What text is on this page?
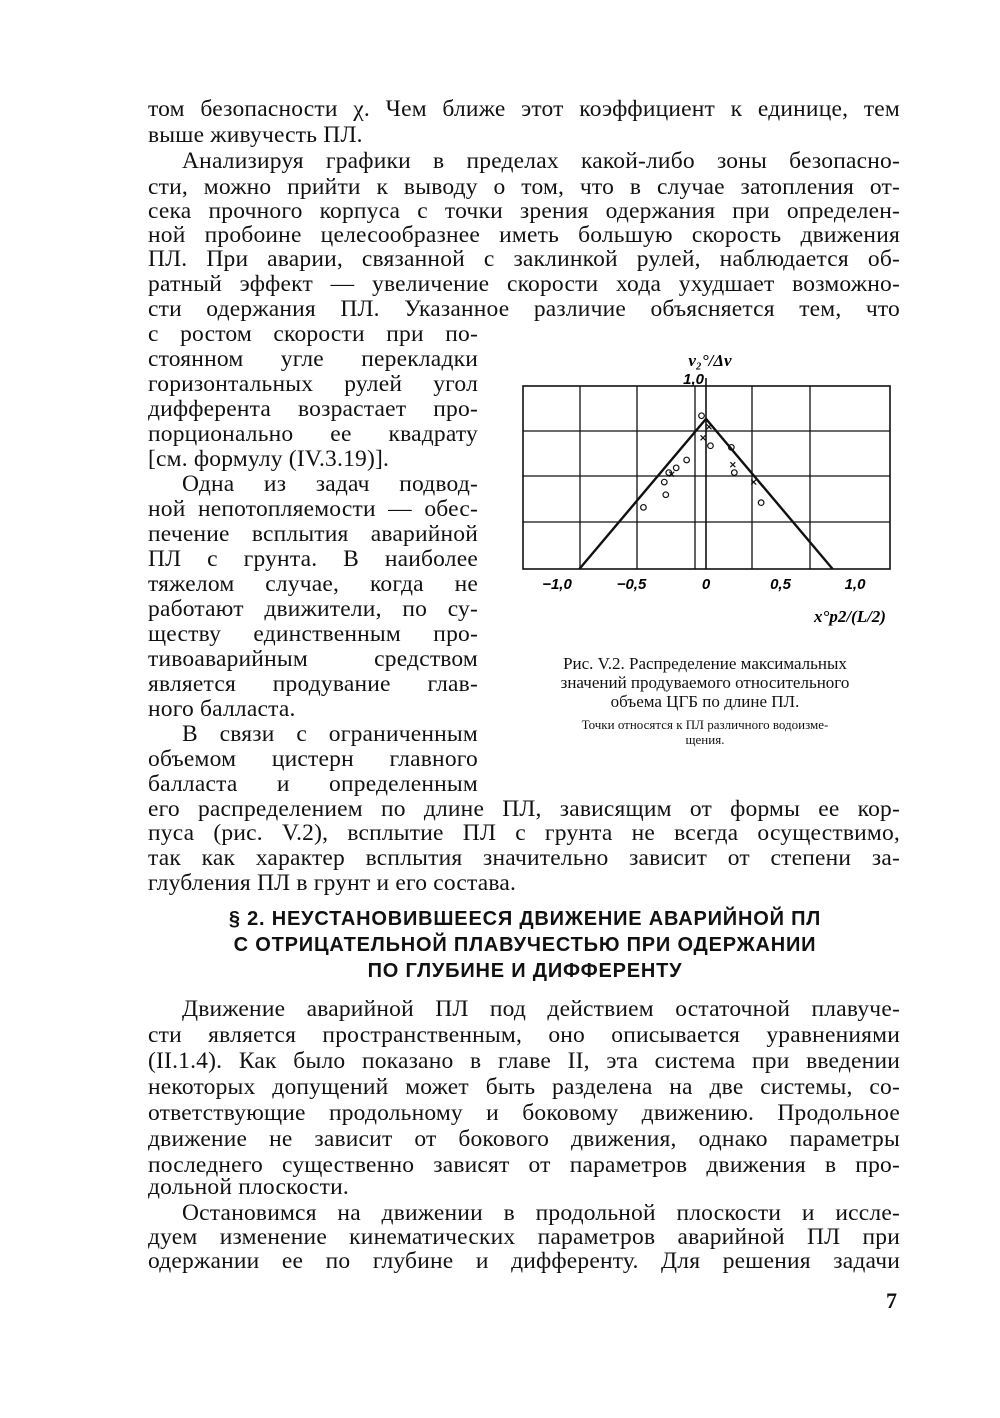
том безопасности χ. Чем ближе этот коэффициент к единице, тем
выше живучесть ПЛ.
Анализируя графики в пределах какой-либо зоны безопасно-
сти, можно прийти к выводу о том, что в случае затопления от-
сека прочного корпуса с точки зрения одержания при определен-
ной пробоине целесообразнее иметь большую скорость движения
ПЛ. При аварии, связанной с заклинкой рулей, наблюдается об-
ратный эффект — увеличение скорости хода ухудшает возможно-
сти одержания ПЛ. Указанное различие объясняется тем, что
с ростом скорости при по-
стоянном угле перекладки
горизонтальных рулей угол
дифферента возрастает про-
порционально ее квадрату
[см. формулу (IV.3.19)].
Одна из задач подвод-
ной непотопляемости — обес-
печение всплытия аварийной
ПЛ с грунта. В наиболее
тяжелом случае, когда не
работают движители, по су-
ществу единственным про-
тивоаварийным средством
является продувание глав-
ного балласта.
В связи с ограниченным
объемом цистерн главного
балласта и определенным
его распределением по длине ПЛ, зависящим от формы ее кор-
пуса (рис. V.2), всплытие ПЛ с грунта не всегда осуществимо,
так как характер всплытия значительно зависит от степени за-
глубления ПЛ в грунт и его состава.
§ 2. НЕУСТАНОВИВШЕЕСЯ ДВИЖЕНИЕ АВАРИЙНОЙ ПЛ
С ОТРИЦАТЕЛЬНОЙ ПЛАВУЧЕСТЬЮ ПРИ ОДЕРЖАНИИ
ПО ГЛУБИНЕ И ДИФФЕРЕНТУ
Движение аварийной ПЛ под действием остаточной плавуче-
сти является пространственным, оно описывается уравнениями
(II.1.4). Как было показано в главе II, эта система при введении
некоторых допущений может быть разделена на две системы, со-
ответствующие продольному и боковому движению. Продольное
движение не зависит от бокового движения, однако параметры
последнего существенно зависят от параметров движения в про-
дольной плоскости.
Остановимся на движении в продольной плоскости и иссле-
дуем изменение кинематических параметров аварийной ПЛ при
одержании ее по глубине и дифференту. Для решения задачи
−1,0	−0,5	0	0,5	1,0
1,0
v₂°/Δv
x°p2/(L/2)
Рис. V.2. Распределение максимальных
значений продуваемого относительного
объема ЦГБ по длине ПЛ.
Точки относятся к ПЛ различного водоизме-
щения.
7
